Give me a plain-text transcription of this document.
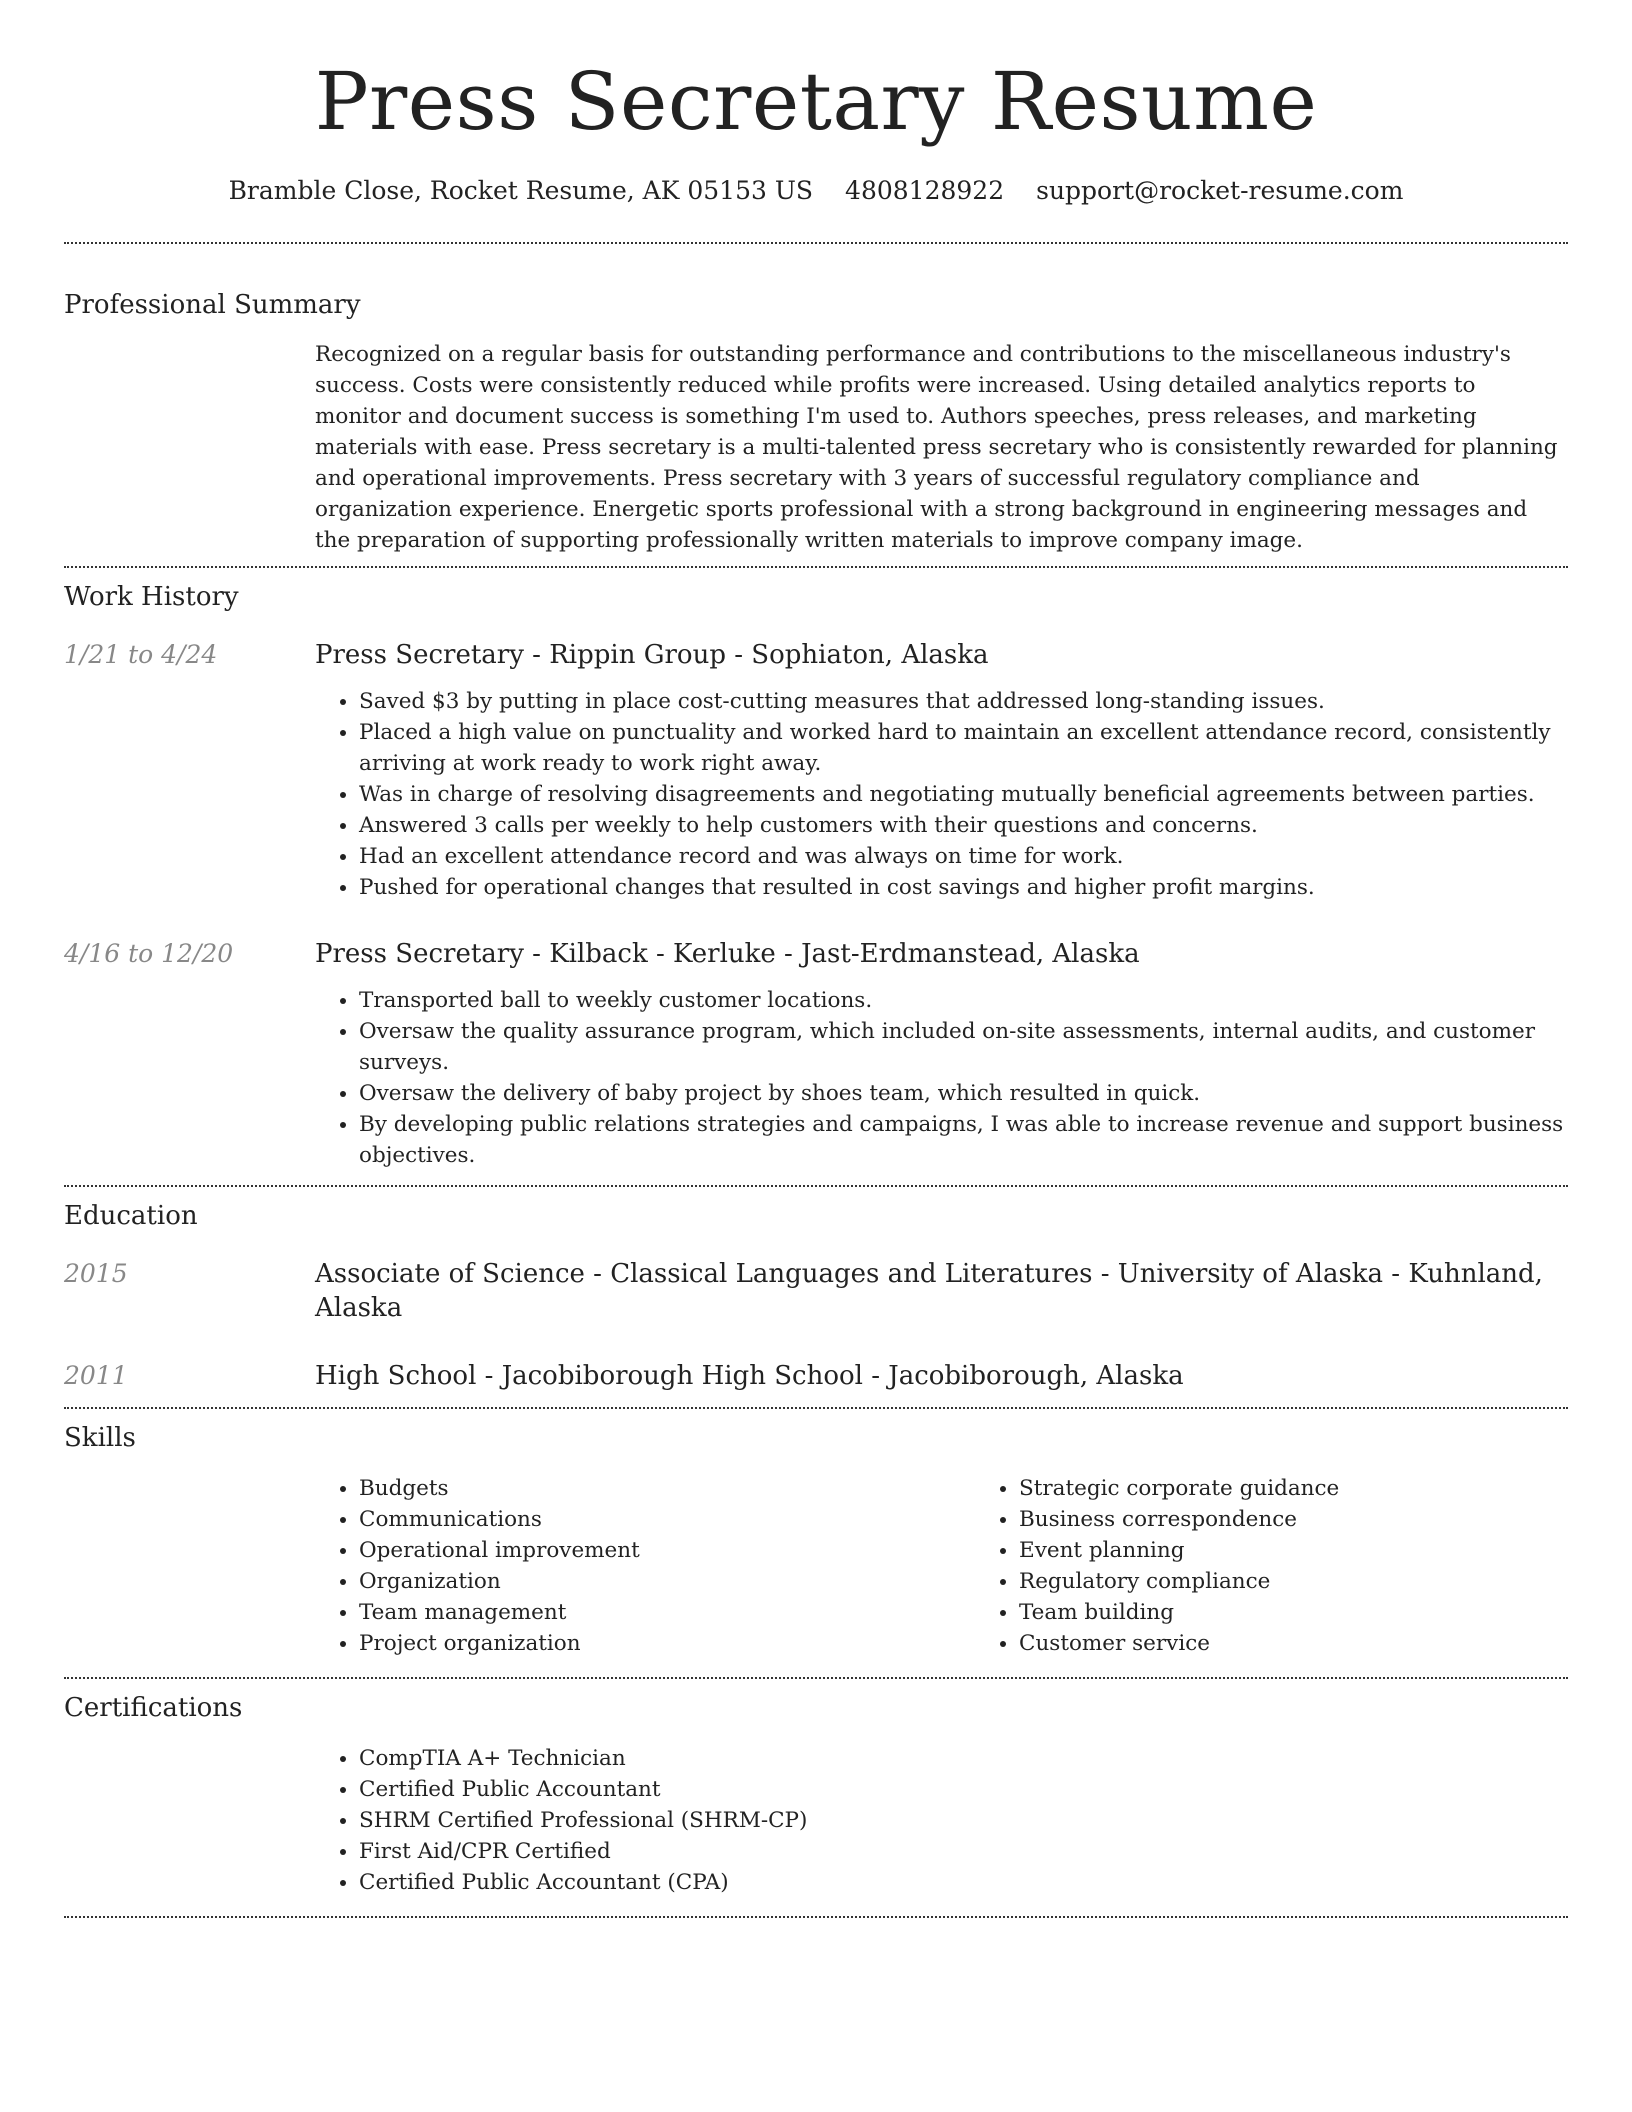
Press Secretary Resume
Bramble Close, Rocket Resume, AK 05153 US 4808128922 support@rocket-resume.com
Professional Summary

Recognized on a regular basis for outstanding performance and contributions to the miscellaneous industry's success. Costs were consistently reduced while profits were increased. Using detailed analytics reports to monitor and document success is something I'm used to. Authors speeches, press releases, and marketing materials with ease. Press secretary is a multi-talented press secretary who is consistently rewarded for planning and operational improvements. Press secretary with 3 years of successful regulatory compliance and organization experience. Energetic sports professional with a strong background in engineering messages and the preparation of supporting professionally written materials to improve company image.

Work History
1/21 to 4/24	Press Secretary - Rippin Group - Sophiaton, Alaska
• Saved $3 by putting in place cost-cutting measures that addressed long-standing issues.
• Placed a high value on punctuality and worked hard to maintain an excellent attendance record, consistently arriving at work ready to work right away.
• Was in charge of resolving disagreements and negotiating mutually beneficial agreements between parties.
• Answered 3 calls per weekly to help customers with their questions and concerns.
• Had an excellent attendance record and was always on time for work.
• Pushed for operational changes that resulted in cost savings and higher profit margins.
4/16 to 12/20	Press Secretary - Kilback - Kerluke - Jast-Erdmanstead, Alaska
• Transported ball to weekly customer locations.
• Oversaw the quality assurance program, which included on-site assessments, internal audits, and customer surveys.
• Oversaw the delivery of baby project by shoes team, which resulted in quick.
• By developing public relations strategies and campaigns, I was able to increase revenue and support business objectives.
Education
2015	Associate of Science - Classical Languages and Literatures - University of Alaska - Kuhnland, Alaska
2011	High School - Jacobiborough High School - Jacobiborough, Alaska
Skills
• Budgets
• Communications
• Operational improvement
• Organization
• Team management
• Project organization
• Strategic corporate guidance
• Business correspondence
• Event planning
• Regulatory compliance
• Team building
• Customer service
Certifications
• CompTIA A+ Technician
• Certified Public Accountant
• SHRM Certified Professional (SHRM-CP)
• First Aid/CPR Certified
• Certified Public Accountant (CPA)
